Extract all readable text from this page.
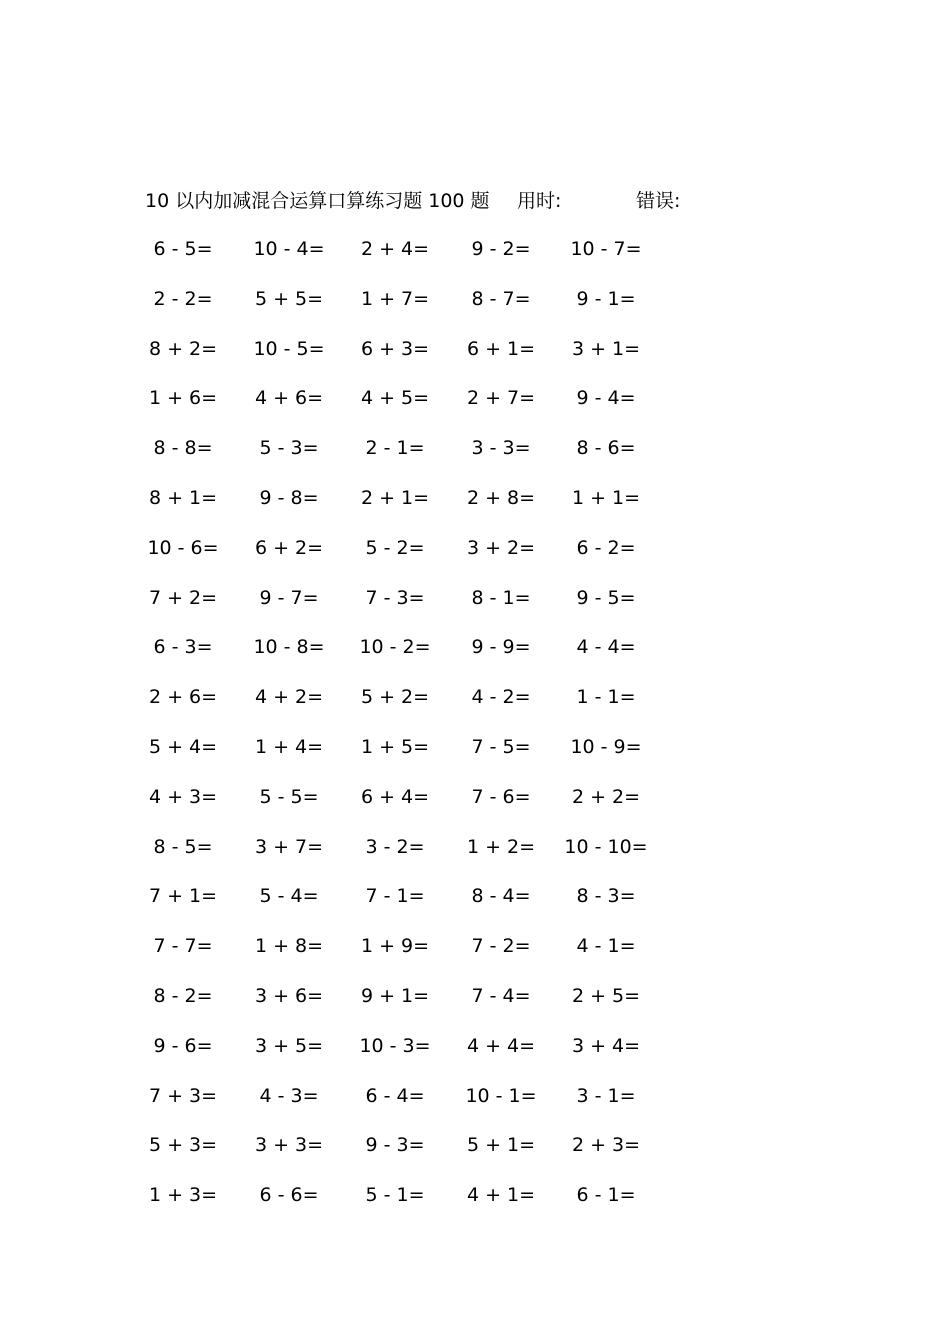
10 以内加减混合运算口算练习题 100 题 用时:	错误:
6 - 5=	10 - 4=	2 + 4=	9 - 2=	10 - 7=
2 - 2=	5 + 5=	1 + 7=	8 - 7=	9 - 1=
8 + 2=	10 - 5=	6 + 3=	6 + 1=	3 + 1=
1 + 6=	4 + 6=	4 + 5=	2 + 7=	9 - 4=
8 - 8=	5 - 3=	2 - 1=	3 - 3=	8 - 6=
8 + 1=	9 - 8=	2 + 1=	2 + 8=	1 + 1=
10 - 6=	6 + 2=	5 - 2=	3 + 2=	6 - 2=
7 + 2=	9 - 7=	7 - 3=	8 - 1=	9 - 5=
6 - 3=	10 - 8=	10 - 2=	9 - 9=	4 - 4=
2 + 6=	4 + 2=	5 + 2=	4 - 2=	1 - 1=
5 + 4=	1 + 4=	1 + 5=	7 - 5=	10 - 9=
4 + 3=	5 - 5=	6 + 4=	7 - 6=	2 + 2=
8 - 5=	3 + 7=	3 - 2=	1 + 2=	10 - 10=
7 + 1=	5 - 4=	7 - 1=	8 - 4=	8 - 3=
7 - 7=	1 + 8=	1 + 9=	7 - 2=	4 - 1=
8 - 2=	3 + 6=	9 + 1=	7 - 4=	2 + 5=
9 - 6=	3 + 5=	10 - 3=	4 + 4=	3 + 4=
7 + 3=	4 - 3=	6 - 4=	10 - 1=	3 - 1=
5 + 3=	3 + 3=	9 - 3=	5 + 1=	2 + 3=
1 + 3=	6 - 6=	5 - 1=	4 + 1=	6 - 1=
